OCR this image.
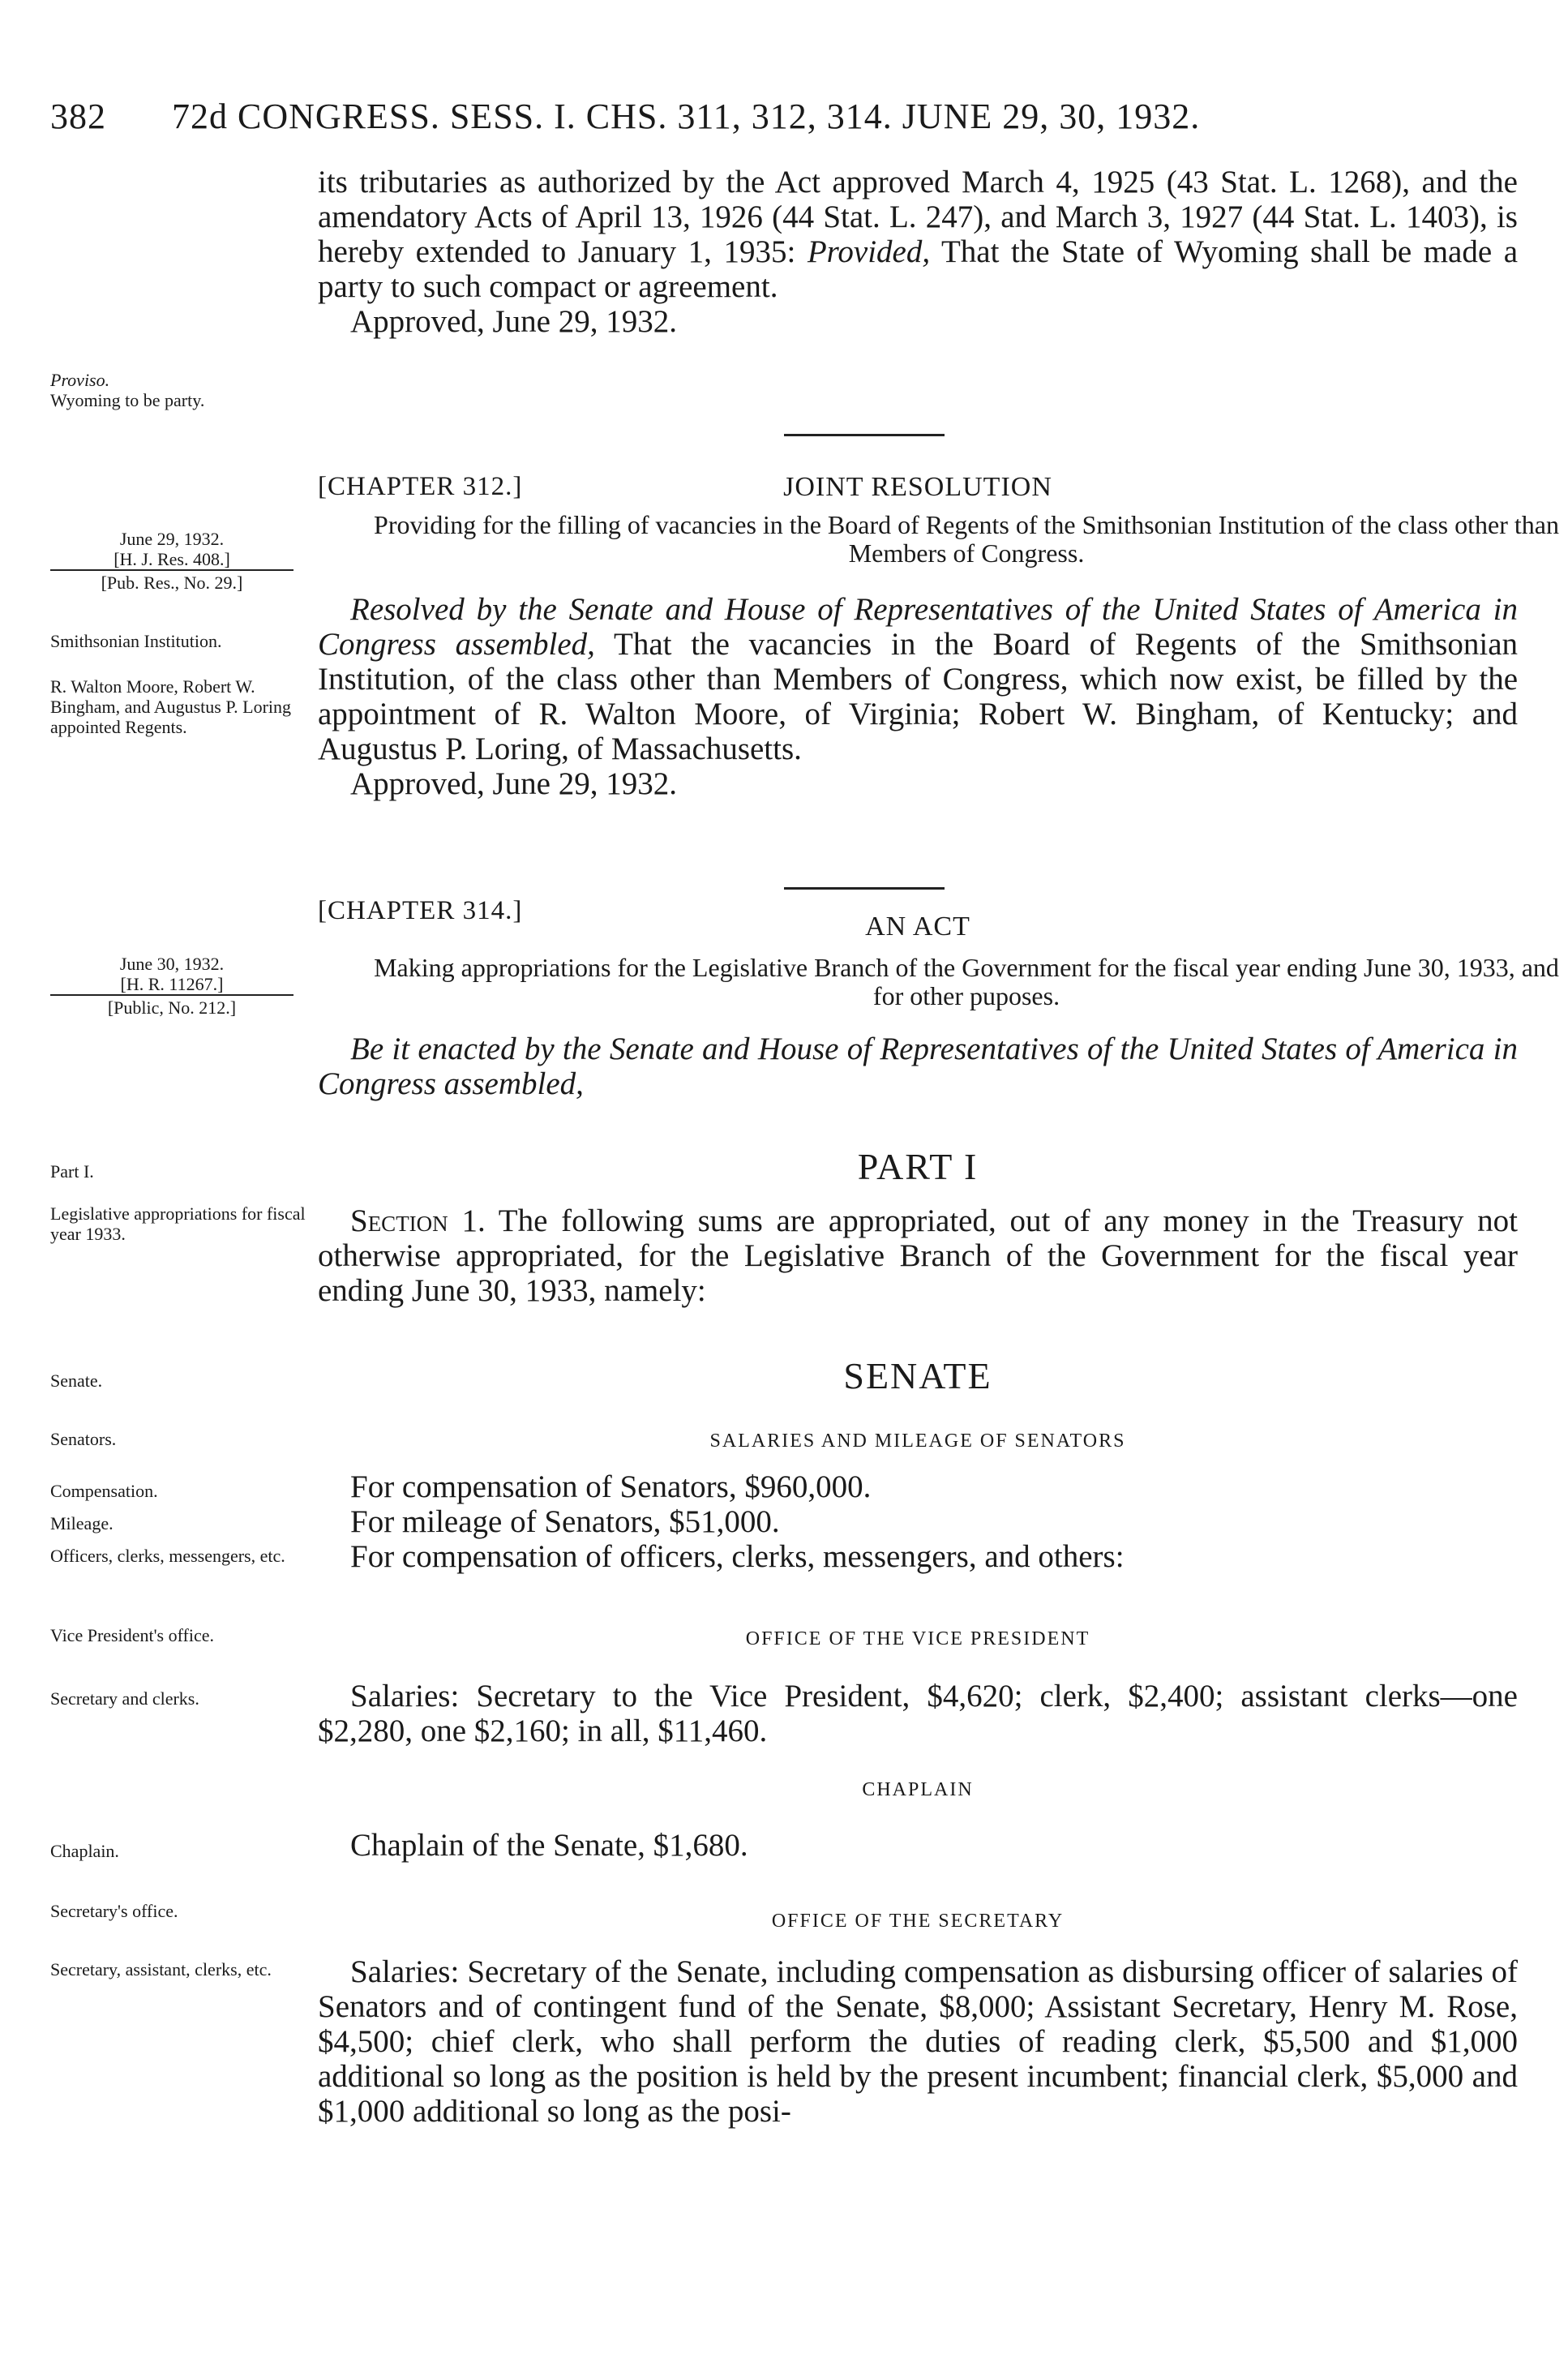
382 72d CONGRESS. SESS. I. CHS. 311, 312, 314. JUNE 29, 30, 1932.
Proviso.
Wyoming to be party.
June 29, 1932.
[H. J. Res. 408.]
[Pub. Res., No. 29.]
Smithsonian Institution.
R. Walton Moore, Robert W. Bingham, and Augustus P. Loring appointed Regents.
June 30, 1932.
[H. R. 11267.]
[Public, No. 212.]
Part I.
Legislative appropriations for fiscal year 1933.
Senate.
Senators.
Compensation.
Mileage.
Officers, clerks, messengers, etc.
Vice President's office.
Secretary and clerks.
Chaplain.
Secretary's office.
Secretary, assistant, clerks, etc.

its tributaries as authorized by the Act approved March 4, 1925 (43 Stat. L. 1268), and the amendatory Acts of April 13, 1926 (44 Stat. L. 247), and March 3, 1927 (44 Stat. L. 1403), is hereby extended to January 1, 1935: Provided, That the State of Wyoming shall be made a party to such compact or agreement.

Approved, June 29, 1932.

[CHAPTER 312.]	JOINT RESOLUTION
Providing for the filling of vacancies in the Board of Regents of the Smithsonian Institution of the class other than Members of Congress.

Resolved by the Senate and House of Representatives of the United States of America in Congress assembled, That the vacancies in the Board of Regents of the Smithsonian Institution, of the class other than Members of Congress, which now exist, be filled by the appointment of R. Walton Moore, of Virginia; Robert W. Bingham, of Kentucky; and Augustus P. Loring, of Massachusetts.

Approved, June 29, 1932.

[CHAPTER 314.]
AN ACT
Making appropriations for the Legislative Branch of the Government for the fiscal year ending June 30, 1933, and for other puposes.

Be it enacted by the Senate and House of Representatives of the United States of America in Congress assembled,

PART I

Section 1. The following sums are appropriated, out of any money in the Treasury not otherwise appropriated, for the Legislative Branch of the Government for the fiscal year ending June 30, 1933, namely:

SENATE
SALARIES AND MILEAGE OF SENATORS

For compensation of Senators, $960,000.

For mileage of Senators, $51,000.

For compensation of officers, clerks, messengers, and others:

OFFICE OF THE VICE PRESIDENT

Salaries: Secretary to the Vice President, $4,620; clerk, $2,400; assistant clerks—one $2,280, one $2,160; in all, $11,460.

CHAPLAIN

Chaplain of the Senate, $1,680.

OFFICE OF THE SECRETARY

Salaries: Secretary of the Senate, including compensation as disbursing officer of salaries of Senators and of contingent fund of the Senate, $8,000; Assistant Secretary, Henry M. Rose, $4,500; chief clerk, who shall perform the duties of reading clerk, $5,500 and $1,000 additional so long as the position is held by the present incumbent; financial clerk, $5,000 and $1,000 additional so long as the posi-
